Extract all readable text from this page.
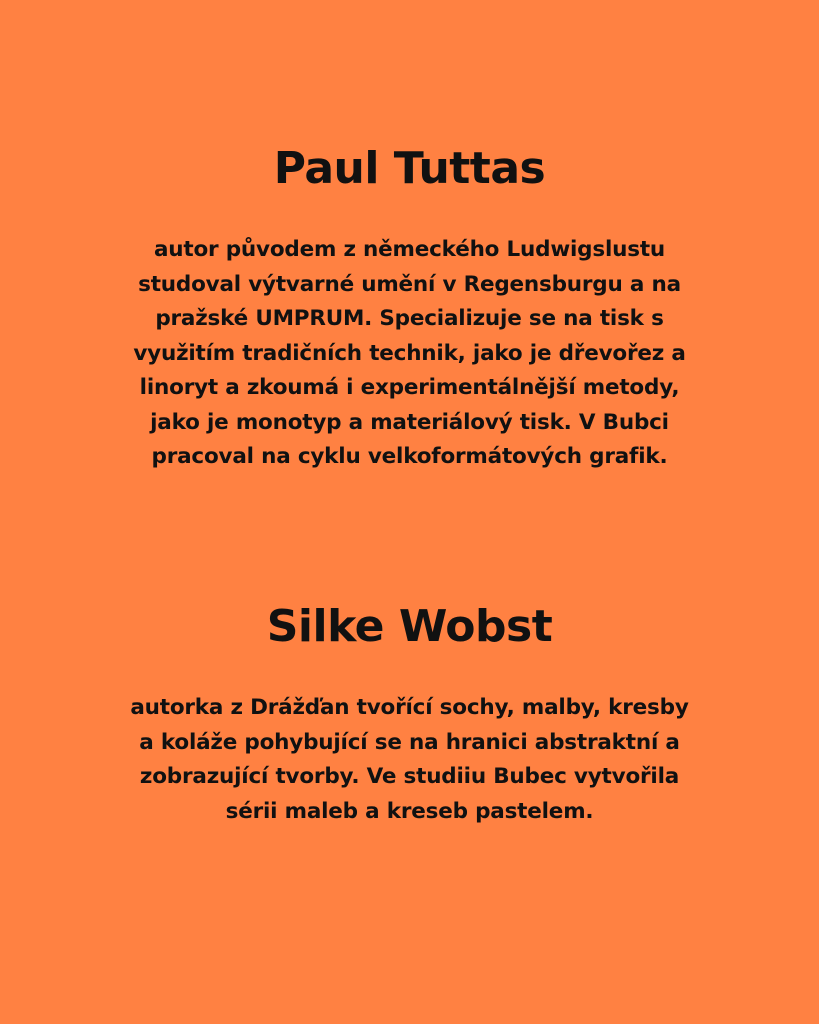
Paul Tuttas

autor původem z německého Ludwigslustu
studoval výtvarné umění v Regensburgu a na
pražské UMPRUM. Specializuje se na tisk s
využitím tradičních technik, jako je dřevořez a
linoryt a zkoumá i experimentálnější metody,
jako je monotyp a materiálový tisk. V Bubci
pracoval na cyklu velkoformátových grafik.

Silke Wobst

autorka z Drážďan tvořící sochy, malby, kresby
a koláže pohybující se na hranici abstraktní a
zobrazující tvorby. Ve studiiu Bubec vytvořila
sérii maleb a kreseb pastelem.
